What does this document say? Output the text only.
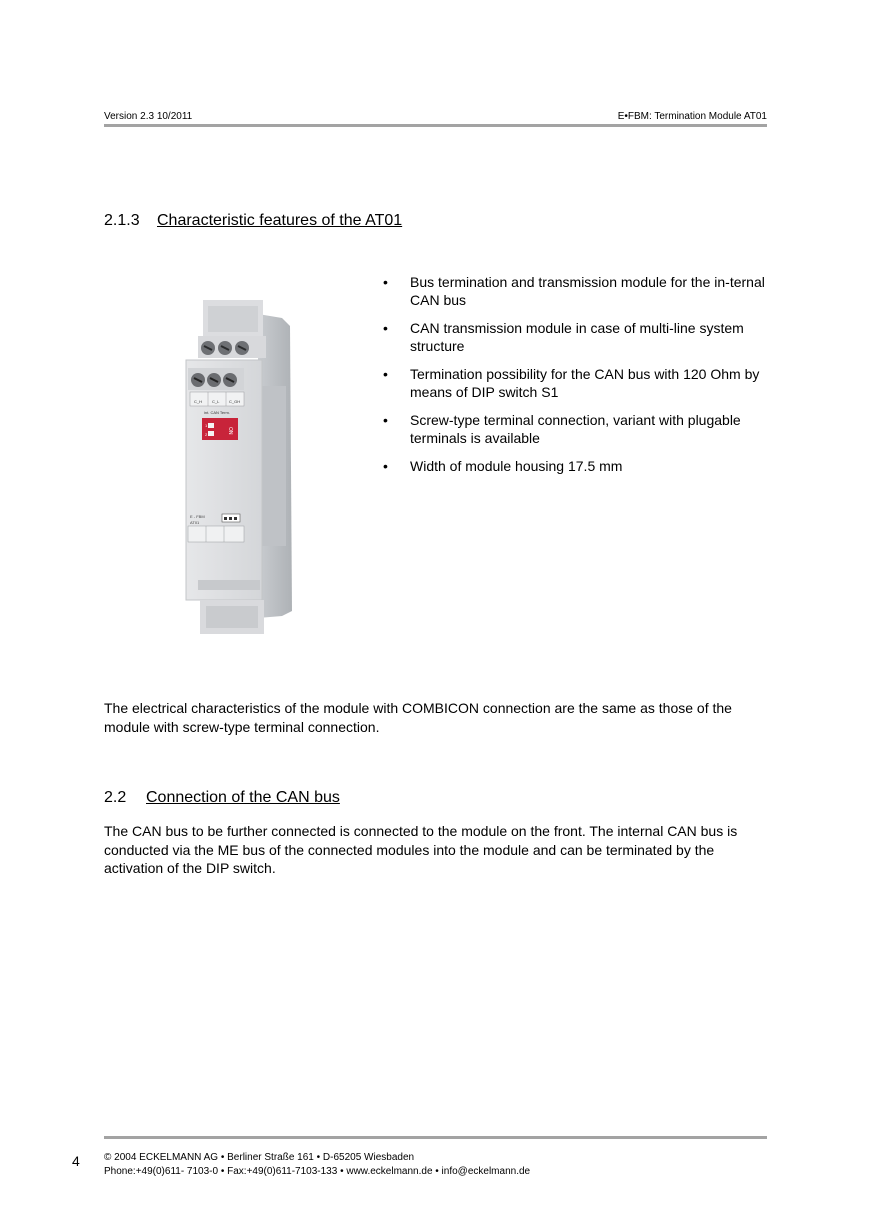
Version 2.3 10/2011	E•FBM: Termination Module AT01
2.1.3 Characteristic features of the AT01
C_H C_L C_GH
int. CAN Term.
ON
1
2
E - FBM
AT01
• Bus termination and transmission module for the in-ternal CAN bus
• CAN transmission module in case of multi-line system structure
• Termination possibility for the CAN bus with 120 Ohm by means of DIP switch S1
• Screw-type terminal connection, variant with plugable terminals is available
• Width of module housing 17.5 mm
The electrical characteristics of the module with COMBICON connection are the same as those of the module with screw-type terminal connection.
2.2 Connection of the CAN bus
The CAN bus to be further connected is connected to the module on the front. The internal CAN bus is conducted via the ME bus of the connected modules into the module and can be terminated by the activation of the DIP switch.
4 © 2004 ECKELMANN AG • Berliner Straße 161 • D-65205 Wiesbaden
Phone:+49(0)611- 7103-0 • Fax:+49(0)611-7103-133 • www.eckelmann.de • info@eckelmann.de
